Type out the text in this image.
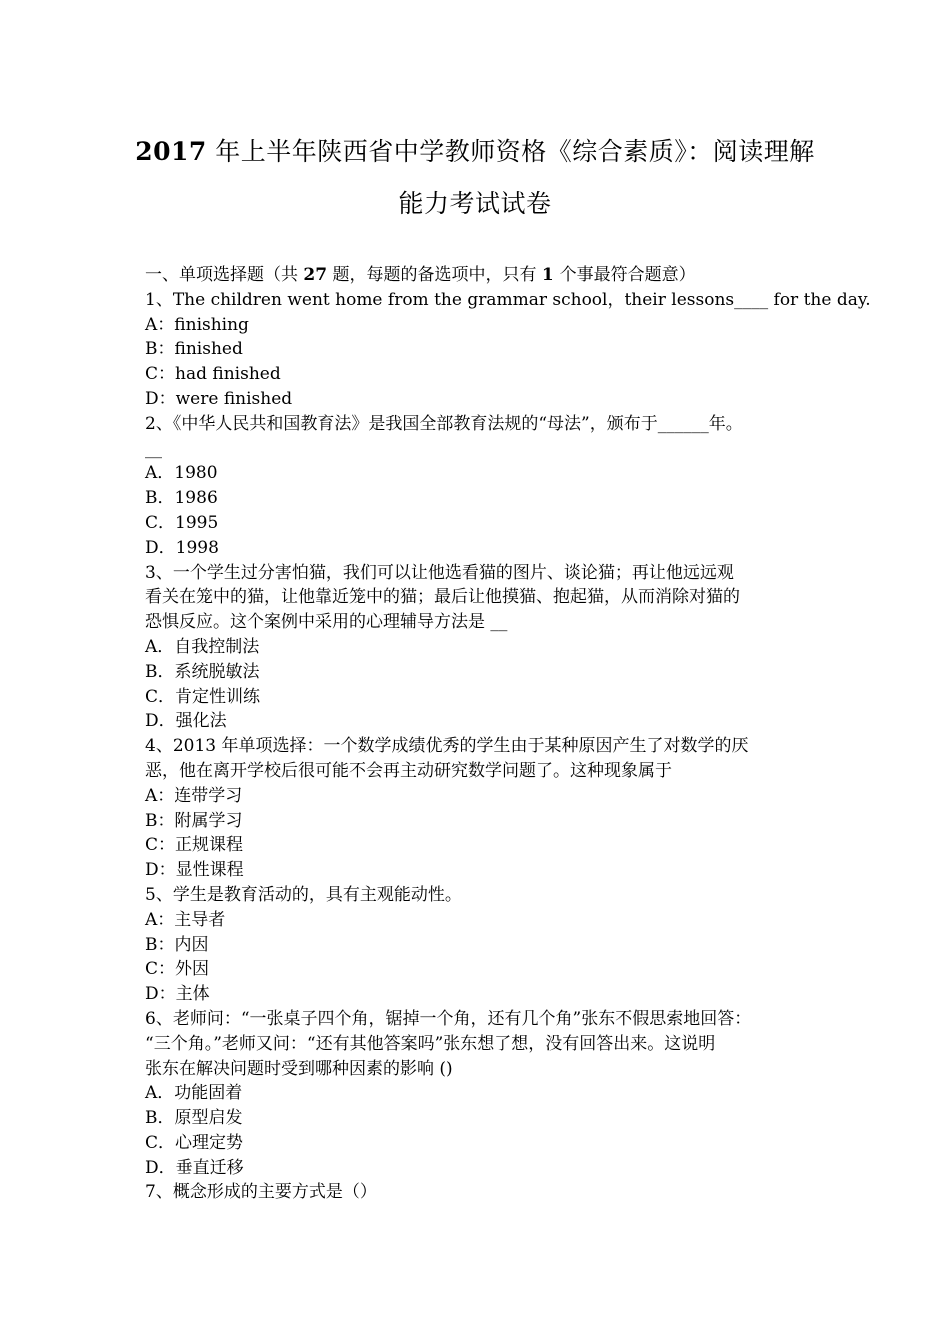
2017 年上半年陕西省中学教师资格《综合素质》：阅读理解
能力考试试卷
一、单项选择题（共 27 题，每题的备选项中，只有 1 个事最符合题意）
1、The children went home from the grammar school，their lessons____ for the day.
A：finishing
B：finished
C：had finished
D：were finished
2、《中华人民共和国教育法》是我国全部教育法规的“母法”，颁布于______年。
__
A．1980
B．1986
C．1995
D．1998
3、一个学生过分害怕猫，我们可以让他选看猫的图片、谈论猫；再让他远远观
看关在笼中的猫，让他靠近笼中的猫；最后让他摸猫、抱起猫，从而消除对猫的
恐惧反应。这个案例中采用的心理辅导方法是 __
A．自我控制法
B．系统脱敏法
C．肯定性训练
D．强化法
4、2013 年单项选择：一个数学成绩优秀的学生由于某种原因产生了对数学的厌
恶，他在离开学校后很可能不会再主动研究数学问题了。这种现象属于
A：连带学习
B：附属学习
C：正规课程
D：显性课程
5、学生是教育活动的，具有主观能动性。
A：主导者
B：内因
C：外因
D：主体
6、老师问：“一张桌子四个角，锯掉一个角，还有几个角”张东不假思索地回答：
“三个角。”老师又问：“还有其他答案吗”张东想了想，没有回答出来。这说明
张东在解决问题时受到哪种因素的影响 ()
A．功能固着
B．原型启发
C．心理定势
D．垂直迁移
7、概念形成的主要方式是（）
